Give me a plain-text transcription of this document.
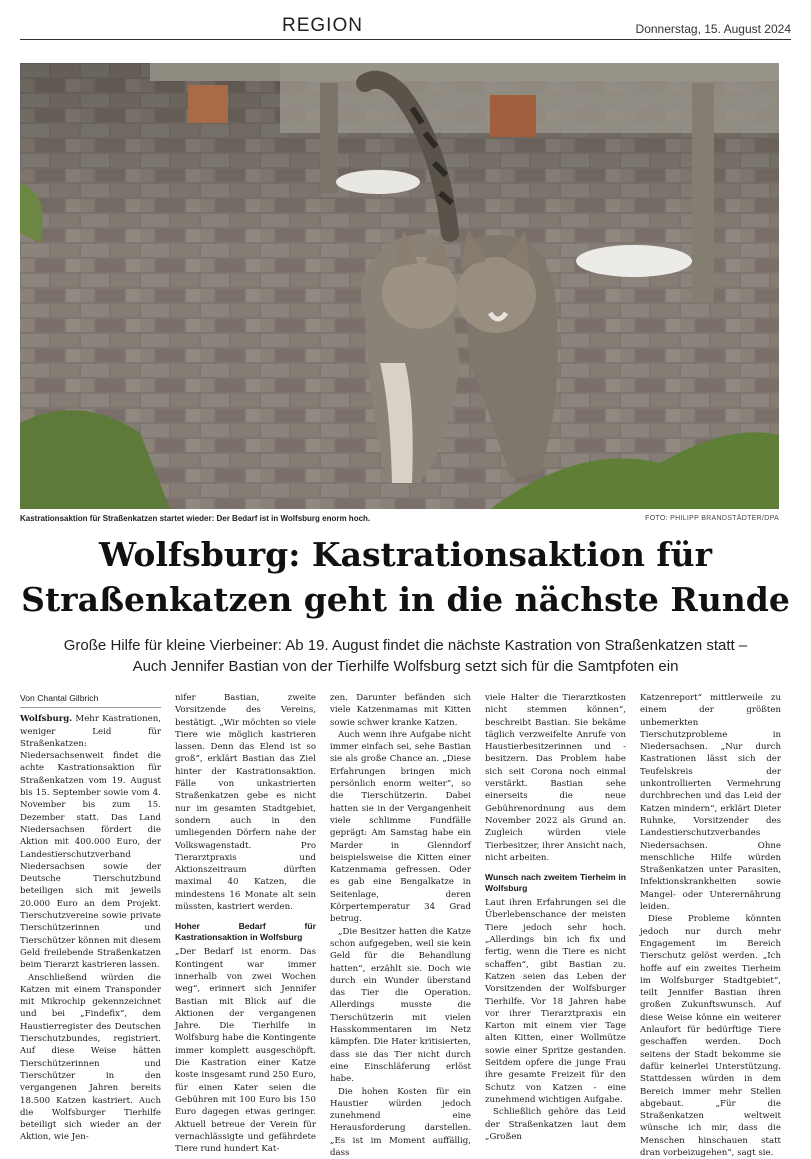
REGION	Donnerstag, 15. August 2024
Kastrationsaktion für Straßenkatzen startet wieder: Der Bedarf ist in Wolfsburg enorm hoch.	FOTO: PHILIPP BRANDSTÄDTER/DPA
Wolfsburg: Kastrationsaktion für
Straßenkatzen geht in die nächste Runde
Große Hilfe für kleine Vierbeiner: Ab 19. August findet die nächste Kastration von Straßenkatzen statt –
Auch Jennifer Bastian von der Tierhilfe Wolfsburg setzt sich für die Samtpfoten ein
Von Chantal Gilbrich

Wolfsburg. Mehr Kastrationen, weniger Leid für Straßenkatzen: Niedersachsenweit findet die achte Kastrationsaktion für Straßenkatzen vom 19. August bis 15. September sowie vom 4. November bis zum 15. Dezember statt. Das Land Niedersachsen fördert die Aktion mit 400.000 Euro, der Landestierschutzverband Niedersachsen sowie der Deutsche Tierschutzbund beteiligen sich mit jeweils 20.000 Euro an dem Projekt. Tierschutzvereine sowie private Tierschützerinnen und Tierschützer können mit diesem Geld freilebende Straßenkatzen beim Tierarzt kastrieren lassen.

Anschließend würden die Katzen mit einem Transponder mit Mikrochip gekennzeichnet und bei „Findefix“, dem Haustierregister des Deutschen Tierschutzbundes, registriert. Auf diese Weise hätten Tierschützerinnen und Tierschützer in den vergangenen Jahren bereits 18.500 Katzen kastriert. Auch die Wolfsburger Tierhilfe beteiligt sich wieder an der Aktion, wie Jen-

nifer Bastian, zweite Vorsitzende des Vereins, bestätigt. „Wir möchten so viele Tiere wie möglich kastrieren lassen. Denn das Elend ist so groß“, erklärt Bastian das Ziel hinter der Kastrationsaktion. Fälle von unkastrierten Straßenkatzen gebe es nicht nur im gesamten Stadtgebiet, sondern auch in den umliegenden Dörfern nahe der Volkswagenstadt. Pro Tierarztpraxis und Aktionszeitraum dürften maximal 40 Katzen, die mindestens 16 Monate alt sein müssten, kastriert werden.

Hoher Bedarf für Kastrationsaktion in Wolfsburg

„Der Bedarf ist enorm. Das Kontingent war immer innerhalb von zwei Wochen weg“, erinnert sich Jennifer Bastian mit Blick auf die Aktionen der vergangenen Jahre. Die Tierhilfe in Wolfsburg habe die Kontingente immer komplett ausgeschöpft. Die Kastration einer Katze koste insgesamt rund 250 Euro, für einen Kater seien die Gebühren mit 100 Euro bis 150 Euro dagegen etwas geringer. Aktuell betreue der Verein für vernachlässigte und gefährdete Tiere rund hundert Kat-

zen. Darunter befänden sich viele Katzenmamas mit Kitten sowie schwer kranke Katzen.

Auch wenn ihre Aufgabe nicht immer einfach sei, sehe Bastian sie als große Chance an. „Diese Erfahrungen bringen mich persönlich enorm weiter“, so die Tierschützerin. Dabei hatten sie in der Vergangenheit viele schlimme Fundfälle geprägt: Am Samstag habe ein Marder in Glenndorf beispielsweise die Kitten einer Katzenmama gefressen. Oder es gab eine Bengalkatze in Seitenlage, deren Körpertemperatur 34 Grad betrug.

„Die Besitzer hatten die Katze schon aufgegeben, weil sie kein Geld für die Behandlung hatten“, erzählt sie. Doch wie durch ein Wunder überstand das Tier die Operation. Allerdings musste die Tierschützerin mit vielen Hasskommentaren im Netz kämpfen. Die Hater kritisierten, dass sie das Tier nicht durch eine Einschläferung erlöst habe.

Die hohen Kosten für ein Haustier würden jedoch zunehmend eine Herausforderung darstellen. „Es ist im Moment auffällig, dass

viele Halter die Tierarztkosten nicht stemmen können“, beschreibt Bastian. Sie bekäme täglich verzweifelte Anrufe von Haustierbesitzerinnen und -besitzern. Das Problem habe sich seit Corona noch einmal verstärkt. Bastian sehe einerseits die neue Gebührenordnung aus dem November 2022 als Grund an. Zugleich würden viele Tierbesitzer, ihrer Ansicht nach, nicht arbeiten.

Wunsch nach zweitem Tierheim in Wolfsburg

Laut ihren Erfahrungen sei die Überlebenschance der meisten Tiere jedoch sehr hoch. „Allerdings bin ich fix und fertig, wenn die Tiere es nicht schaffen“, gibt Bastian zu. Katzen seien das Leben der Vorsitzenden der Wolfsburger Tierhilfe. Vor 18 Jahren habe vor ihrer Tierarztpraxis ein Karton mit einem vier Tage alten Kitten, einer Wollmütze sowie einer Spritze gestanden. Seitdem opfere die junge Frau ihre gesamte Freizeit für den Schutz von Katzen - eine zunehmend wichtigen Aufgabe.

Schließlich gehöre das Leid der Straßenkatzen laut dem „Großen

Katzenreport“ mittlerweile zu einem der größten unbemerkten Tierschutzprobleme in Niedersachsen. „Nur durch Kastrationen lässt sich der Teufelskreis der unkontrollierten Vermehrung durchbrechen und das Leid der Katzen mindern“, erklärt Dieter Ruhnke, Vorsitzender des Landestierschutzverbandes Niedersachsen. Ohne menschliche Hilfe würden Straßenkatzen unter Parasiten, Infektionskrankheiten sowie Mangel- oder Unterernährung leiden.

Diese Probleme könnten jedoch nur durch mehr Engagement im Bereich Tierschutz gelöst werden. „Ich hoffe auf ein zweites Tierheim im Wolfsburger Stadtgebiet“, teilt Jennifer Bastian ihren großen Zukunftswunsch. Auf diese Weise könne ein weiterer Anlaufort für bedürftige Tiere geschaffen werden. Doch seitens der Stadt bekomme sie dafür keinerlei Unterstützung. Stattdessen würden in dem Bereich immer mehr Stellen abgebaut. „Für die Straßenkatzen weltweit wünsche ich mir, dass die Menschen hinschauen statt dran vorbeizugehen“, sagt sie.
